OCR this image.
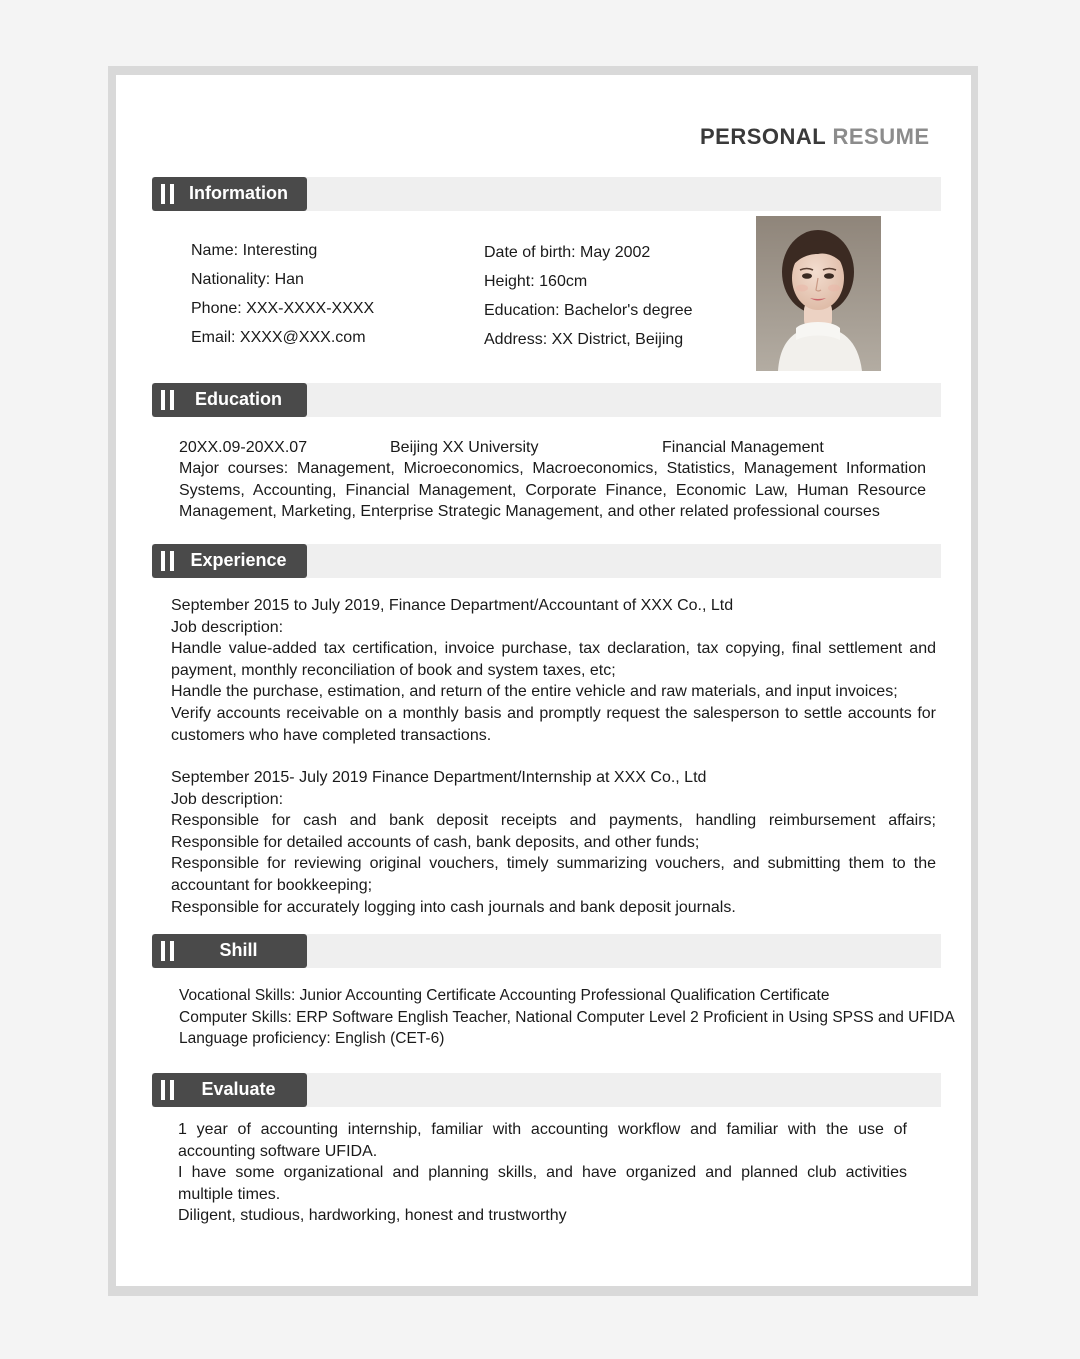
PERSONAL RESUME
Information
Name: Interesting
Nationality: Han
Phone: XXX-XXXX-XXXX
Email: XXXX@XXX.com
Date of birth: May 2002
Height: 160cm
Education: Bachelor's degree
Address: XX District, Beijing
Education
20XX.09-20XX.07	Beijing XX University	Financial Management
Major courses: Management, Microeconomics, Macroeconomics, Statistics, Management Information
Systems, Accounting, Financial Management, Corporate Finance, Economic Law, Human Resource
Management, Marketing, Enterprise Strategic Management, and other related professional courses
Experience
September 2015 to July 2019, Finance Department/Accountant of XXX Co., Ltd
Job description:
Handle value-added tax certification, invoice purchase, tax declaration, tax copying, final settlement and
payment, monthly reconciliation of book and system taxes, etc;
Handle the purchase, estimation, and return of the entire vehicle and raw materials, and input invoices;
Verify accounts receivable on a monthly basis and promptly request the salesperson to settle accounts for
customers who have completed transactions.
September 2015- July 2019 Finance Department/Internship at XXX Co., Ltd
Job description:
Responsible for cash and bank deposit receipts and payments, handling reimbursement affairs;
Responsible for detailed accounts of cash, bank deposits, and other funds;
Responsible for reviewing original vouchers, timely summarizing vouchers, and submitting them to the
accountant for bookkeeping;
Responsible for accurately logging into cash journals and bank deposit journals.
Shill
Vocational Skills: Junior Accounting Certificate Accounting Professional Qualification Certificate
Computer Skills: ERP Software English Teacher, National Computer Level 2 Proficient in Using SPSS and UFIDA
Language proficiency: English (CET-6)
Evaluate
1 year of accounting internship, familiar with accounting workflow and familiar with the use of
accounting software UFIDA.
I have some organizational and planning skills, and have organized and planned club activities
multiple times.
Diligent, studious, hardworking, honest and trustworthy
